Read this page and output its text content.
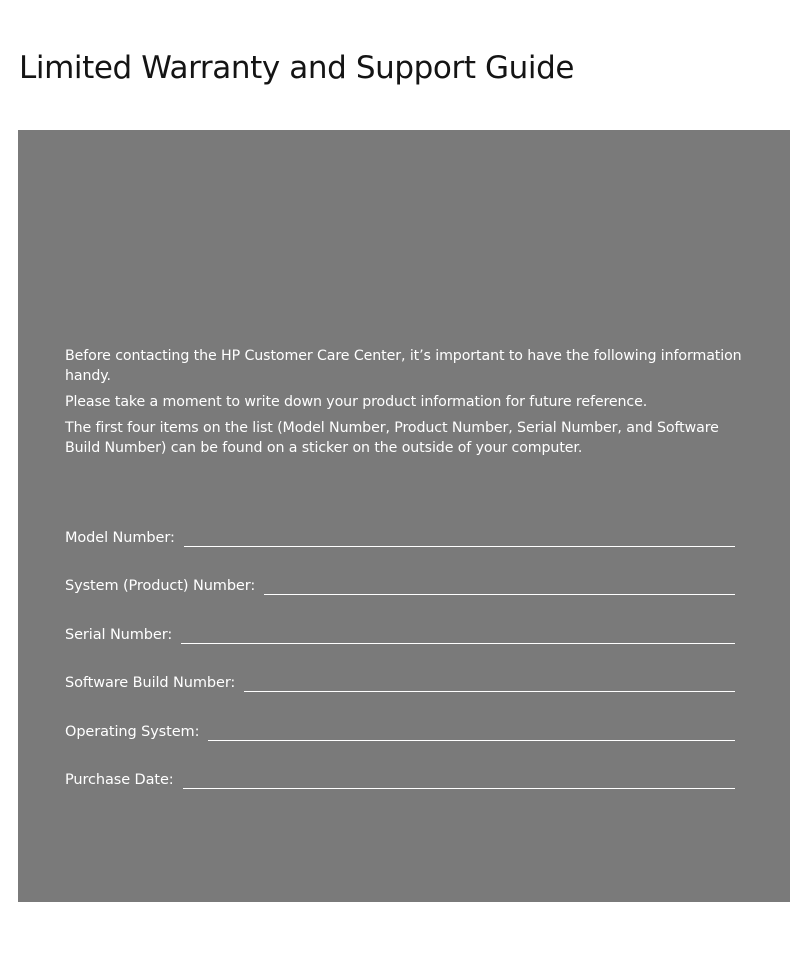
Limited Warranty and Support Guide

Before contacting the HP Customer Care Center, it’s important to have the following information handy.

Please take a moment to write down your product information for future reference.

The first four items on the list (Model Number, Product Number, Serial Number, and Software Build Number) can be found on a sticker on the outside of your computer.

Model Number:
System (Product) Number:
Serial Number:
Software Build Number:
Operating System:
Purchase Date:
